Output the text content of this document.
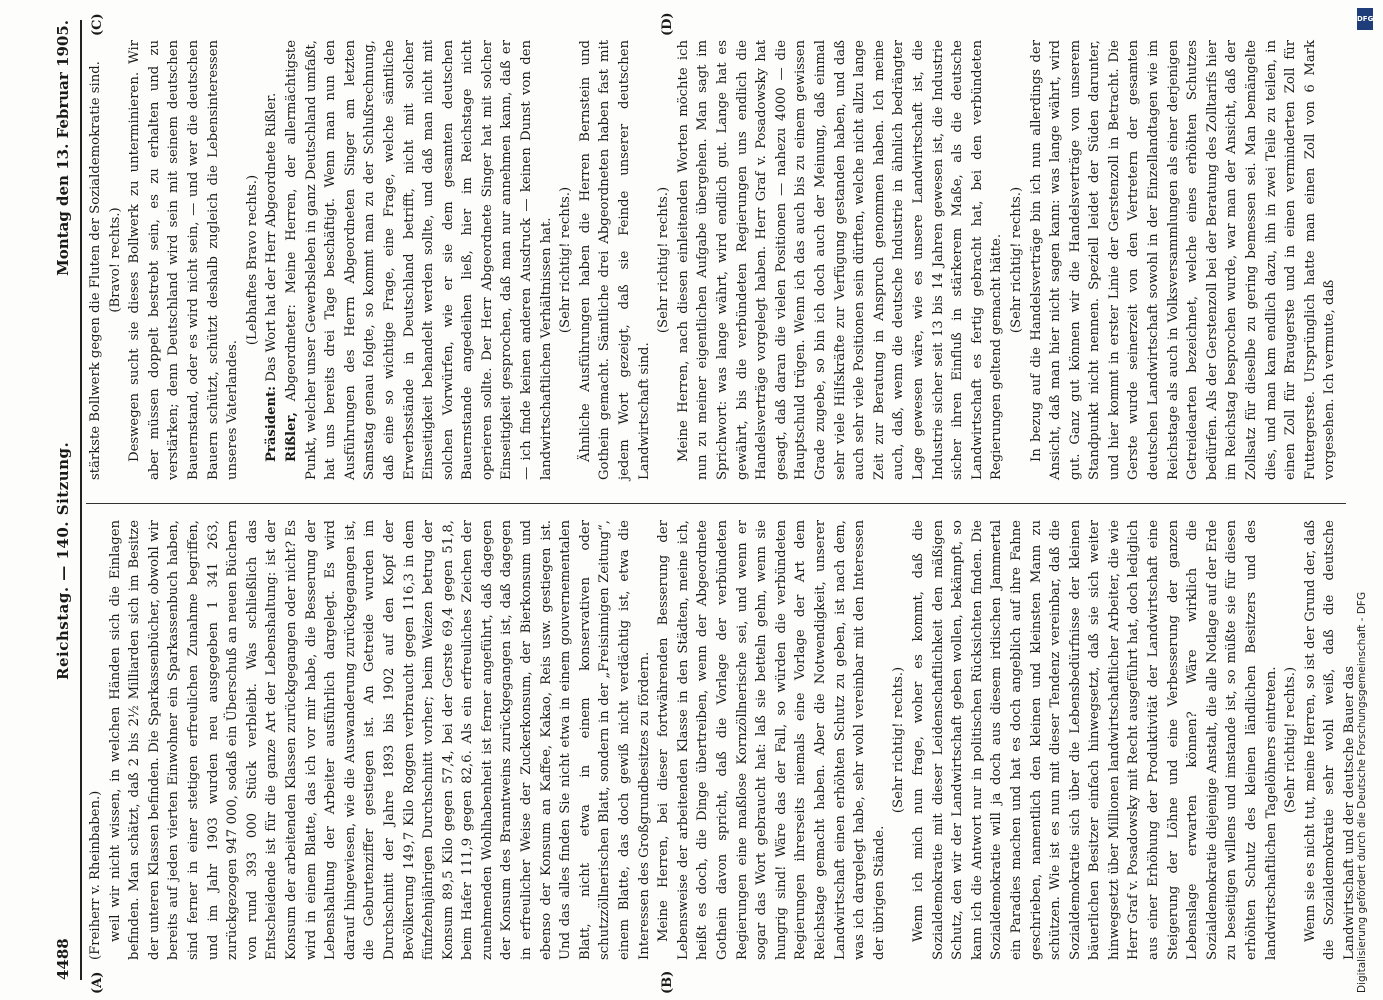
4488
Reichstag. — 140. Sitzung.
Montag den 13. Februar 1905.
(A)	(B)
(C)	(D)

(Freiherr v. Rheinbaben.) weil wir nicht wissen, in welchen Händen sich die Einlagen befinden. Man schätzt, daß 2 bis 2½ Milliarden sich im Besitze der unteren Klassen befinden. Die Sparkassenbücher, obwohl wir bereits auf jeden vierten Einwohner ein Sparkassenbuch haben, sind ferner in einer stetigen erfreulichen Zunahme begriffen, und im Jahr 1903 wurden neu ausgegeben 1 341 263, zurückgezogen 947 000, sodaß ein Überschuß an neuen Büchern von rund 393 000 Stück verbleibt. Was schließlich das Entscheidende ist für die ganze Art der Lebenshaltung: ist der Konsum der arbeitenden Klassen zurückgegangen oder nicht? Es wird in einem Blatte, das ich vor mir habe, die Besserung der Lebenshaltung der Arbeiter ausführlich dargelegt. Es wird darauf hingewiesen, wie die Auswanderung zurückgegangen ist, die Geburtenziffer gestiegen ist. An Getreide wurden im Durchschnitt der Jahre 1893 bis 1902 auf den Kopf der Bevölkerung 149,7 Kilo Roggen verbraucht gegen 116,3 in dem fünfzehnjährigen Durchschnitt vorher; beim Weizen betrug der Konsum 89,5 Kilo gegen 57,4, bei der Gerste 69,4 gegen 51,8, beim Hafer 111,9 gegen 82,6. Als ein erfreuliches Zeichen der zunehmenden Wohlhabenheit ist ferner angeführt, daß dagegen der Konsum des Branntweins zurückgegangen ist, daß dagegen in erfreulicher Weise der Zuckerkonsum, der Bierkonsum und ebenso der Konsum an Kaffee, Kakao, Reis usw. gestiegen ist. Und das alles finden Sie nicht etwa in einem gouvernementalen Blatt, nicht etwa in einem konservativen oder schutzzöllnerischen Blatt, sondern in der „Freisinnigen Zeitung“, einem Blatte, das doch gewiß nicht verdächtig ist, etwa die Interessen des Großgrundbesitzes zu fördern. Meine Herren, bei dieser fortwährenden Besserung der Lebensweise der arbeitenden Klasse in den Städten, meine ich, heißt es doch, die Dinge übertreiben, wenn der Abgeordnete Gothein davon spricht, daß die Vorlage der verbündeten Regierungen eine maßlose Kornzöllnerische sei, und wenn er sogar das Wort gebraucht hat: laß sie betteln gehn, wenn sie hungrig sind! Wäre das der Fall, so würden die verbündeten Regierungen ihrerseits niemals eine Vorlage der Art dem Reichstage gemacht haben. Aber die Notwendigkeit, unserer Landwirtschaft einen erhöhten Schutz zu geben, ist nach dem, was ich dargelegt habe, sehr wohl vereinbar mit den Interessen der übrigen Stände.

(Sehr richtig! rechts.) Wenn ich mich nun frage, woher es kommt, daß die Sozialdemokratie mit dieser Leidenschaftlichkeit den mäßigen Schutz, den wir der Landwirtschaft geben wollen, bekämpft, so kann ich die Antwort nur in politischen Rücksichten finden. Die Sozialdemokratie will ja doch aus diesem irdischen Jammertal ein Paradies machen und hat es doch angeblich auf ihre Fahne geschrieben, namentlich den kleinen und kleinsten Mann zu schützen. Wie ist es nun mit dieser Tendenz vereinbar, daß die Sozialdemokratie sich über die Lebensbedürfnisse der kleinen bäuerlichen Besitzer einfach hinwegsetzt, daß sie sich weiter hinwegsetzt über Millionen landwirtschaftlicher Arbeiter, die wie Herr Graf v. Posadowsky mit Recht ausgeführt hat, doch lediglich aus einer Erhöhung der Produktivität der Landwirtschaft eine Steigerung der Löhne und eine Verbesserung der ganzen Lebenslage erwarten können? Wäre wirklich die Sozialdemokratie diejenige Anstalt, die alle Notlage auf der Erde zu beseitigen willens und imstande ist, so müßte sie für diesen erhöhten Schutz des kleinen ländlichen Besitzers und des landwirtschaftlichen Tagelöhners eintreten. (Sehr richtig! rechts.) Wenn sie es nicht tut, meine Herren, so ist der Grund der, daß die Sozialdemokratie sehr wohl weiß, daß die deutsche Landwirtschaft und der deutsche Bauer das

stärkste Bollwerk gegen die Fluten der Sozialdemokratie sind. (Bravo! rechts.) Deswegen sucht sie dieses Bollwerk zu unterminieren. Wir aber müssen doppelt bestrebt sein, es zu erhalten und zu verstärken; denn Deutschland wird sein mit seinem deutschen Bauernstand, oder es wird nicht sein, — und wer die deutschen Bauern schützt, schützt deshalb zugleich die Lebensinteressen unseres Vaterlandes.

(Lebhaftes Bravo rechts.)

Präsident: Das Wort hat der Herr Abgeordnete Rißler.

Rißler, Abgeordneter: Meine Herren, der allermächtigste Punkt, welcher unser Gewerbsleben in ganz Deutschland umfaßt, hat uns bereits drei Tage beschäftigt. Wenn man nun den Ausführungen des Herrn Abgeordneten Singer am letzten Samstag genau folgte, so kommt man zu der Schlußrechnung, daß eine so wichtige Frage, eine Frage, welche sämtliche Erwerbsstände in Deutschland betrifft, nicht mit solcher Einseitigkeit behandelt werden sollte, und daß man nicht mit solchen Vorwürfen, wie er sie dem gesamten deutschen Bauernstande angedeihen ließ, hier im Reichstage nicht operieren sollte. Der Herr Abgeordnete Singer hat mit solcher Einseitigkeit gesprochen, daß man nur annehmen kann, daß er — ich finde keinen anderen Ausdruck — keinen Dunst von den landwirtschaftlichen Verhältnissen hat. (Sehr richtig! rechts.) Ähnliche Ausführungen haben die Herren Bernstein und Gothein gemacht. Sämtliche drei Abgeordneten haben fast mit jedem Wort gezeigt, daß sie Feinde unserer deutschen Landwirtschaft sind.

(Sehr richtig! rechts.) Meine Herren, nach diesen einleitenden Worten möchte ich nun zu meiner eigentlichen Aufgabe übergehen. Man sagt im Sprichwort: was lange währt, wird endlich gut. Lange hat es gewährt, bis die verbündeten Regierungen uns endlich die Handelsverträge vorgelegt haben. Herr Graf v. Posadowsky hat gesagt, daß daran die vielen Positionen — nahezu 4000 — die Hauptschuld trügen. Wenn ich das auch bis zu einem gewissen Grade zugebe, so bin ich doch auch der Meinung, daß einmal sehr viele Hilfskräfte zur Verfügung gestanden haben, und daß auch sehr viele Positionen sein dürften, welche nicht allzu lange Zeit zur Beratung in Anspruch genommen haben. Ich meine auch, daß, wenn die deutsche Industrie in ähnlich bedrängter Lage gewesen wäre, wie es unsere Landwirtschaft ist, die Industrie sicher seit 13 bis 14 Jahren gewesen ist, die Industrie sicher ihren Einfluß in stärkerem Maße, als die deutsche Landwirtschaft es fertig gebracht hat, bei den verbündeten Regierungen geltend gemacht hätte. (Sehr richtig! rechts.) In bezug auf die Handelsverträge bin ich nun allerdings der Ansicht, daß man hier nicht sagen kann: was lange währt, wird gut. Ganz gut können wir die Handelsverträge von unserem Standpunkt nicht nennen. Speziell leidet der Süden darunter, und hier kommt in erster Linie der Gerstenzoll in Betracht. Die Gerste wurde seinerzeit von den Vertretern der gesamten deutschen Landwirtschaft sowohl in der Einzellandtagen wie im Reichstage als auch in Volksversammlungen als einer derjenigen Getreidearten bezeichnet, welche eines erhöhten Schutzes bedürfen. Als der Gerstenzoll bei der Beratung des Zolltarifs hier im Reichstag besprochen wurde, war man der Ansicht, daß der Zollsatz für dieselbe zu gering bemessen sei. Man bemängelte dies, und man kam endlich dazu, ihn in zwei Teile zu teilen, in einen Zoll für Braugerste und in einen verminderten Zoll für Futtergerste. Ursprünglich hatte man einen Zoll von 6 Mark vorgesehen. Ich vermute, daß

DFG
Digitalisierung gefördert durch die Deutsche Forschungsgemeinschaft - DFG
